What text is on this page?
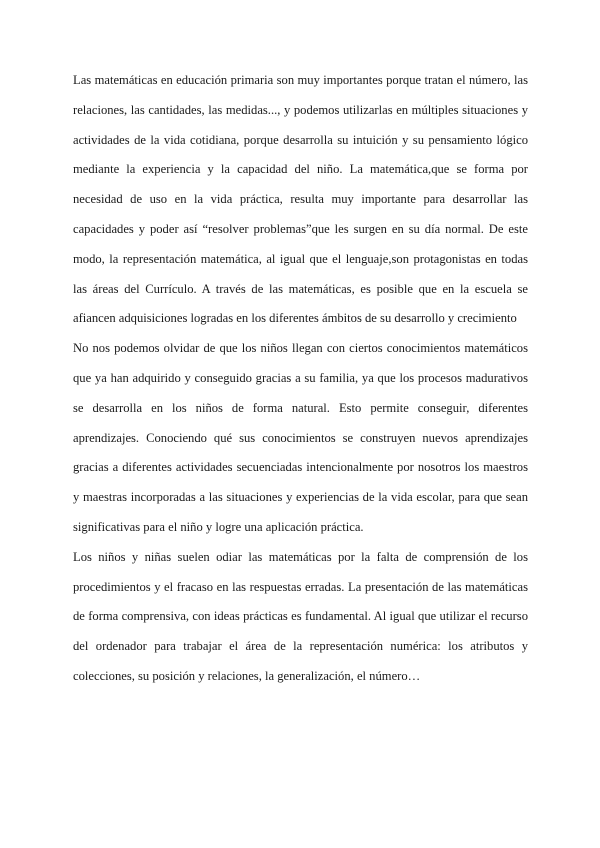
Las matemáticas en educación primaria son muy importantes porque tratan el número, las relaciones, las cantidades, las medidas..., y podemos utilizarlas en múltiples situaciones y actividades de la vida cotidiana, porque desarrolla su intuición y su pensamiento lógico mediante la experiencia y la capacidad del niño. La matemática,que se forma por necesidad de uso en la vida práctica, resulta muy importante para desarrollar las capacidades y poder así “resolver problemas”que les surgen en su día normal. De este modo, la representación matemática, al igual que el lenguaje,son protagonistas en todas las áreas del Currículo. A través de las matemáticas, es posible que en la escuela se afiancen adquisiciones logradas en los diferentes ámbitos de su desarrollo y crecimiento

No nos podemos olvidar de que los niños llegan con ciertos conocimientos matemáticos que ya han adquirido y conseguido gracias a su familia, ya que los procesos madurativos se desarrolla en los niños de forma natural. Esto permite conseguir, diferentes aprendizajes. Conociendo qué sus conocimientos se construyen nuevos aprendizajes gracias a diferentes actividades secuenciadas intencionalmente por nosotros los maestros y maestras incorporadas a las situaciones y experiencias de la vida escolar, para que sean significativas para el niño y logre una aplicación práctica.

Los niños y niñas suelen odiar las matemáticas por la falta de comprensión de los procedimientos y el fracaso en las respuestas erradas. La presentación de las matemáticas de forma comprensiva, con ideas prácticas es fundamental. Al igual que utilizar el recurso del ordenador para trabajar el área de la representación numérica: los atributos y colecciones, su posición y relaciones, la generalización, el número…
